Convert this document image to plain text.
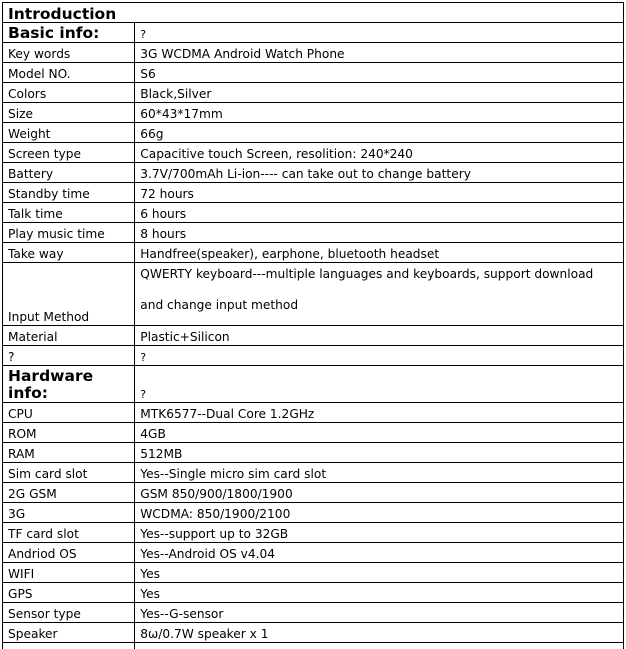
Introduction	
Basic info:	?
Key words	3G WCDMA Android Watch Phone
Model NO.	S6
Colors	Black,Silver
Size	60*43*17mm
Weight	66g
Screen type	Capacitive touch Screen, resolition: 240*240
Battery	3.7V/700mAh Li-ion---- can take out to change battery
Standby time	72 hours
Talk time	6 hours
Play music time	8 hours
Take way	Handfree(speaker), earphone, bluetooth headset
Input Method	QWERTY keyboard---multiple languages and keyboards, support download
and change input method

Material	Plastic+Silicon
?	?
Hardware info:	?
CPU	MTK6577--Dual Core 1.2GHz
ROM	4GB
RAM	512MB
Sim card slot	Yes--Single micro sim card slot
2G GSM	GSM 850/900/1800/1900
3G	WCDMA: 850/1900/2100
TF card slot	Yes--support up to 32GB
Andriod OS	Yes--Android OS v4.04
WIFI	Yes
GPS	Yes
Sensor type	Yes--G-sensor
Speaker	8ω/0.7W speaker x 1
